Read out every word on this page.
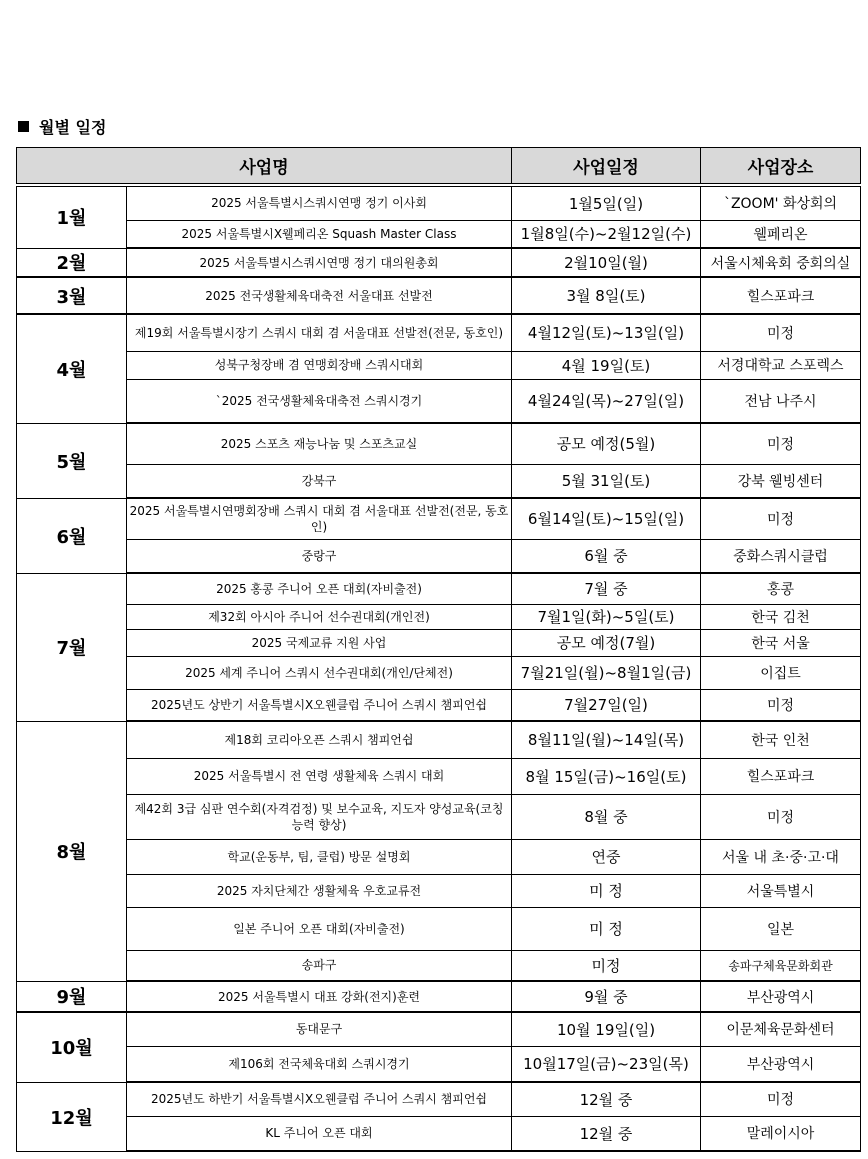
월별 일정
사업명		사업일정	사업장소
1월	2025 서울특별시스쿼시연맹 정기 이사회	1월5일(일)	`ZOOM' 화상회의
	2025 서울특별시X웰페리온 Squash Master Class	1월8일(수)~2월12일(수)	웰페리온
2월	2025 서울특별시스쿼시연맹 정기 대의원총회	2월10일(월)	서울시체육회 중회의실
3월	2025 전국생활체육대축전 서울대표 선발전	3월 8일(토)	힐스포파크
4월	제19회 서울특별시장기 스쿼시 대회 겸 서울대표 선발전(전문, 동호인)	4월12일(토)~13일(일)	미정
	성북구청장배 겸 연맹회장배 스쿼시대회	4월 19일(토)	서경대학교 스포렉스
	`2025 전국생활체육대축전 스쿼시경기	4월24일(목)~27일(일)	전남 나주시
5월	2025 스포츠 재능나눔 및 스포츠교실	공모 예정(5월)	미정
	강북구	5월 31일(토)	강북 웰빙센터
6월	2025 서울특별시연맹회장배 스쿼시 대회 겸 서울대표 선발전(전문, 동호인)	6월14일(토)~15일(일)	미정
	중랑구	6월 중	중화스쿼시클럽
7월	2025 홍콩 주니어 오픈 대회(자비출전)	7월 중	홍콩
	제32회 아시아 주니어 선수권대회(개인전)	7월1일(화)~5일(토)	한국 김천
	2025 국제교류 지원 사업	공모 예정(7월)	한국 서울
	2025 세계 주니어 스쿼시 선수권대회(개인/단체전)	7월21일(월)~8월1일(금)	이집트
	2025년도 상반기 서울특별시X오웬클럽 주니어 스쿼시 챔피언쉽	7월27일(일)	미정
8월	제18회 코리아오픈 스쿼시 챔피언쉽	8월11일(월)~14일(목)	한국 인천
	2025 서울특별시 전 연령 생활체육 스쿼시 대회	8월 15일(금)~16일(토)	힐스포파크
	제42회 3급 심판 연수회(자격검정) 및 보수교육, 지도자 양성교육(코칭 능력 향상)	8월 중	미정
	학교(운동부, 팀, 클럽) 방문 설명회	연중	서울 내 초·중·고·대
	2025 자치단체간 생활체육 우호교류전	미 정	서울특별시
	일본 주니어 오픈 대회(자비출전)	미 정	일본
	송파구	미정	송파구체육문화회관
9월	2025 서울특별시 대표 강화(전지)훈련	9월 중	부산광역시
10월	동대문구	10월 19일(일)	이문체육문화센터
	제106회 전국체육대회 스쿼시경기	10월17일(금)~23일(목)	부산광역시
12월	2025년도 하반기 서울특별시X오웬클럽 주니어 스쿼시 챔피언쉽	12월 중	미정
	KL 주니어 오픈 대회	12월 중	말레이시아
